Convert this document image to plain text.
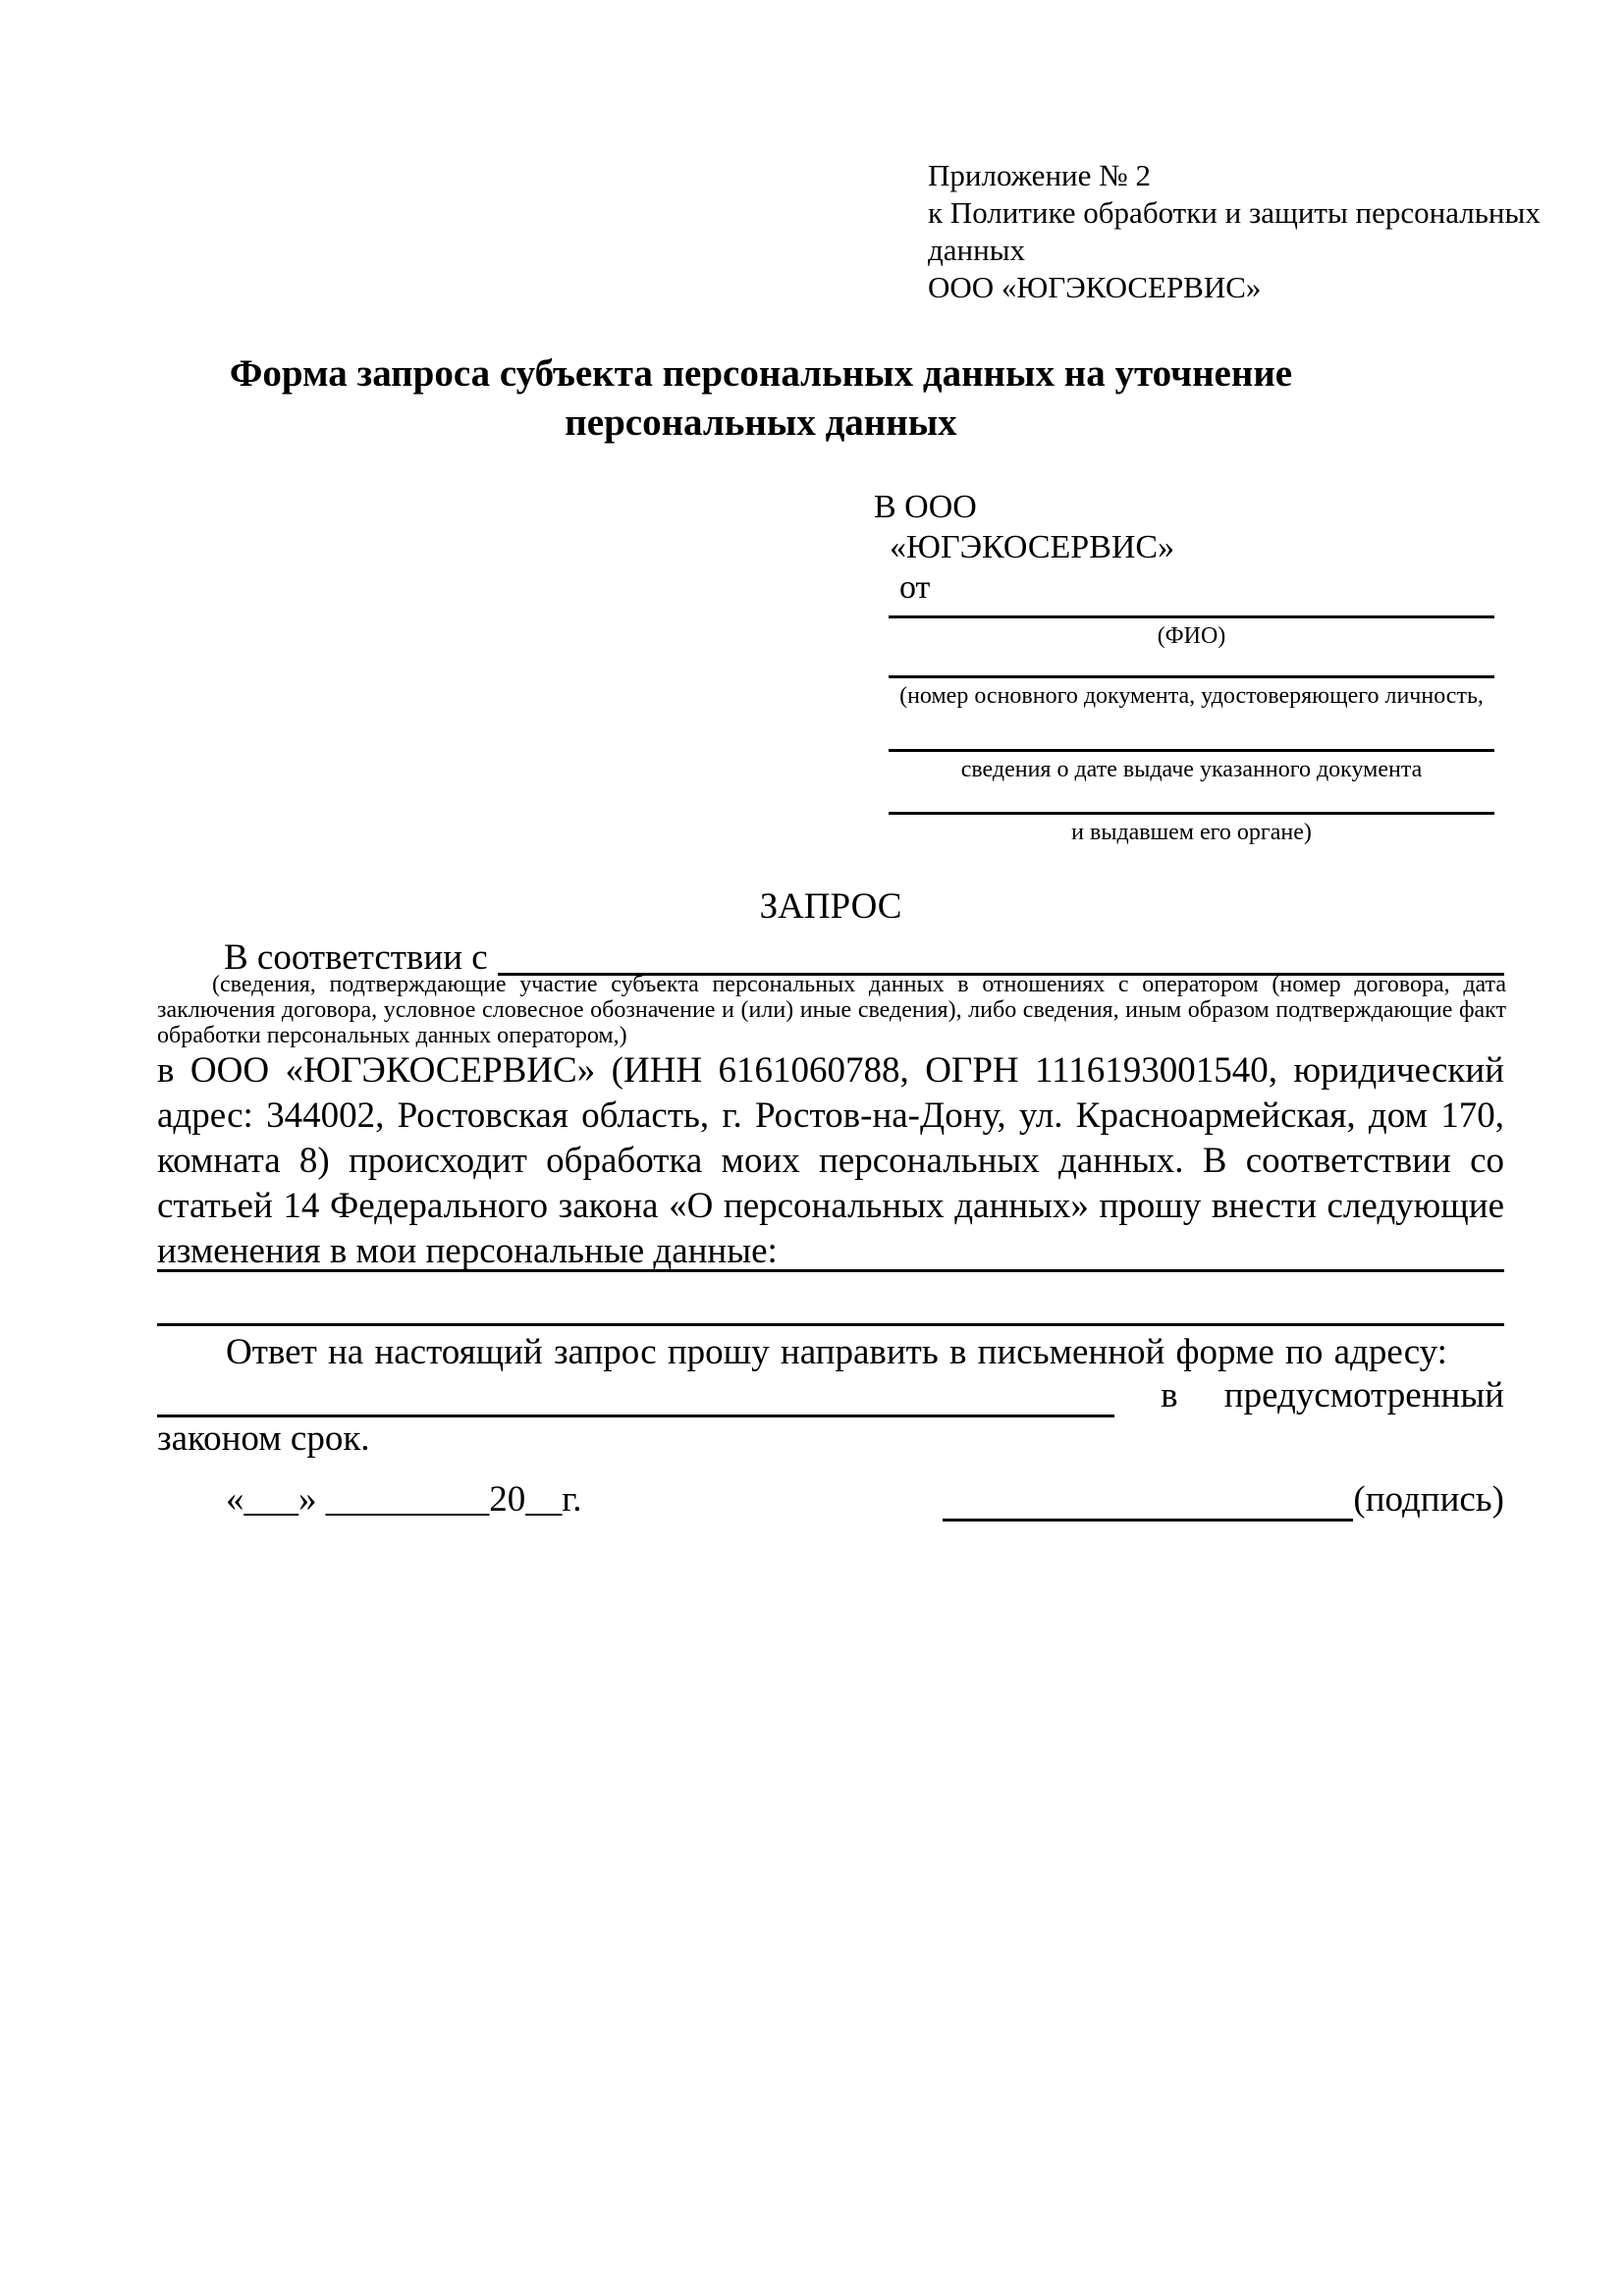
Приложение № 2
к Политике обработки и защиты персональных
данных
ООО «ЮГЭКОСЕРВИС»
Форма запроса субъекта персональных данных на уточнение персональных данных
В ООО
«ЮГЭКОСЕРВИС»
от
(ФИО)
(номер основного документа, удостоверяющего личность,
сведения о дате выдаче указанного документа
и выдавшем его органе)
ЗАПРОС
В соответствии с
(сведения, подтверждающие участие субъекта персональных данных в отношениях с оператором (номер договора, дата заключения договора, условное словесное обозначение и (или) иные сведения), либо сведения, иным образом подтверждающие факт обработки персональных данных оператором,)
в ООО «ЮГЭКОСЕРВИС» (ИНН 6161060788, ОГРН 1116193001540, юридический адрес: 344002, Ростовская область, г. Ростов-на-Дону, ул. Красноармейская, дом 170, комната 8) происходит обработка моих персональных данных. В соответствии со статьей 14 Федерального закона «О персональных данных» прошу внести следующие изменения в мои персональные данные:
Ответ на настоящий запрос прошу направить в письменной форме по адресу:
в предусмотренный
законом срок.
«___» _________20__г.	(подпись)
